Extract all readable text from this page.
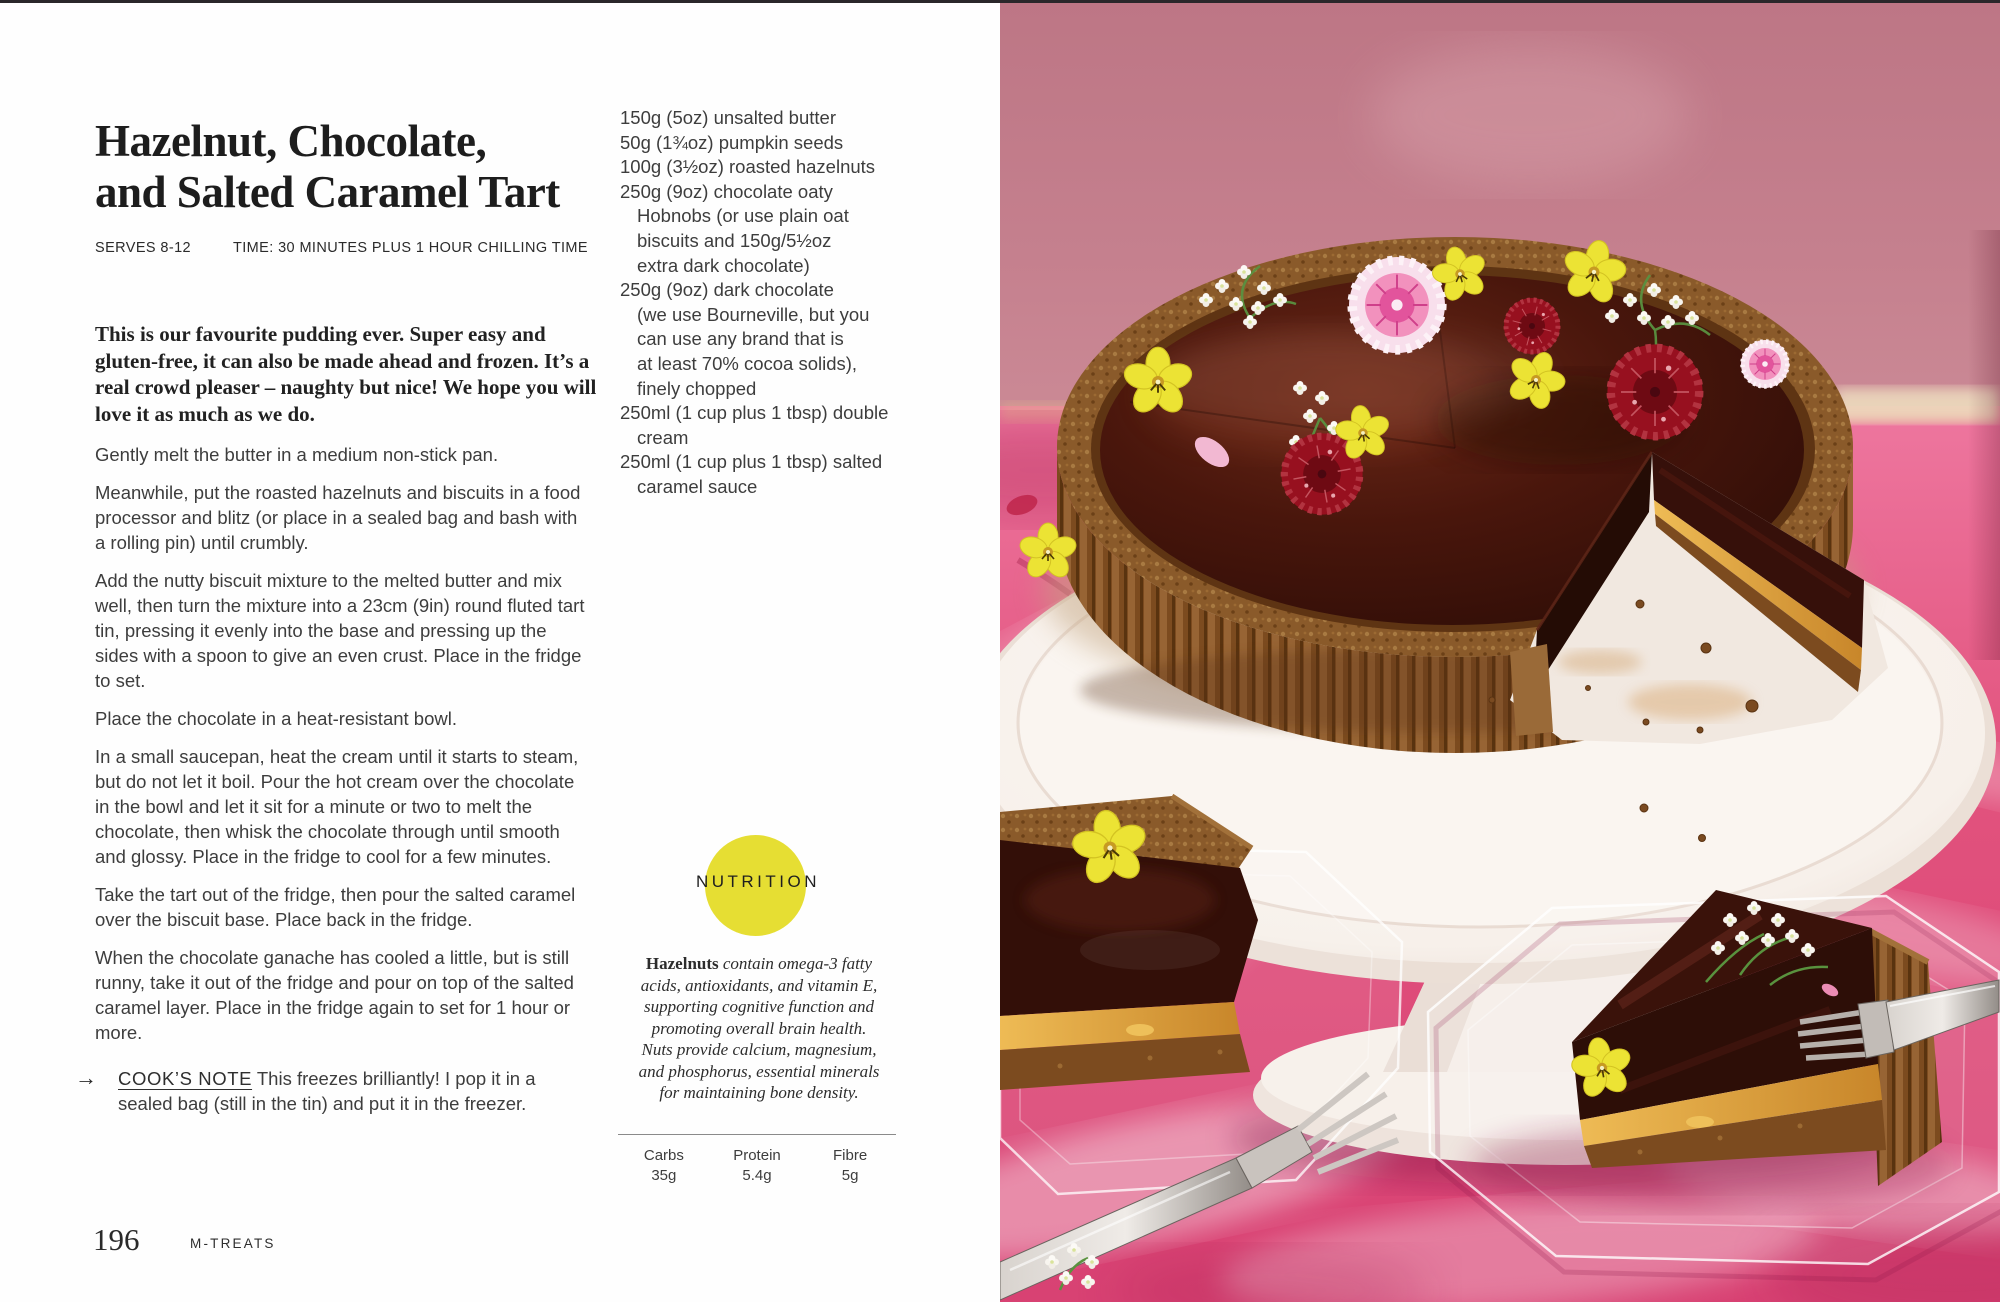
Hazelnut, Chocolate,
and Salted Caramel Tart
SERVES 8-12	TIME: 30 MINUTES PLUS 1 HOUR CHILLING TIME

This is our favourite pudding ever. Super easy and gluten-free, it can also be made ahead and frozen. It’s a real crowd pleaser – naughty but nice! We hope you will love it as much as we do.

Gently melt the butter in a medium non-stick pan.

Meanwhile, put the roasted hazelnuts and biscuits in a food processor and blitz (or place in a sealed bag and bash with a rolling pin) until crumbly.

Add the nutty biscuit mixture to the melted butter and mix well, then turn the mixture into a 23cm (9in) round fluted tart tin, pressing it evenly into the base and pressing up the sides with a spoon to give an even crust. Place in the fridge to set.

Place the chocolate in a heat-resistant bowl.

In a small saucepan, heat the cream until it starts to steam, but do not let it boil. Pour the hot cream over the chocolate in the bowl and let it sit for a minute or two to melt the chocolate, then whisk the chocolate through until smooth and glossy. Place in the fridge to cool for a few minutes.

Take the tart out of the fridge, then pour the salted caramel over the biscuit base. Place back in the fridge.

When the chocolate ganache has cooled a little, but is still runny, take it out of the fridge and pour on top of the salted caramel layer. Place in the fridge again to set for 1 hour or more.

→ COOK’S NOTE This freezes brilliantly! I pop it in a sealed bag (still in the tin) and put it in the freezer.
150g (5oz) unsalted butter
50g (1¾oz) pumpkin seeds
100g (3½oz) roasted hazelnuts
250g (9oz) chocolate oaty
Hobnobs (or use plain oat
biscuits and 150g/5½oz
extra dark chocolate)
250g (9oz) dark chocolate
(we use Bourneville, but you
can use any brand that is
at least 70% cocoa solids),
finely chopped
250ml (1 cup plus 1 tbsp) double
cream
250ml (1 cup plus 1 tbsp) salted
caramel sauce
NUTRITION

Hazelnuts contain omega-3 fatty acids, antioxidants, and vitamin E, supporting cognitive function and promoting overall brain health. Nuts provide calcium, magnesium, and phosphorus, essential minerals for maintaining bone density.

Carbs
35g
Protein
5.4g
Fibre
5g
196	M-TREATS
